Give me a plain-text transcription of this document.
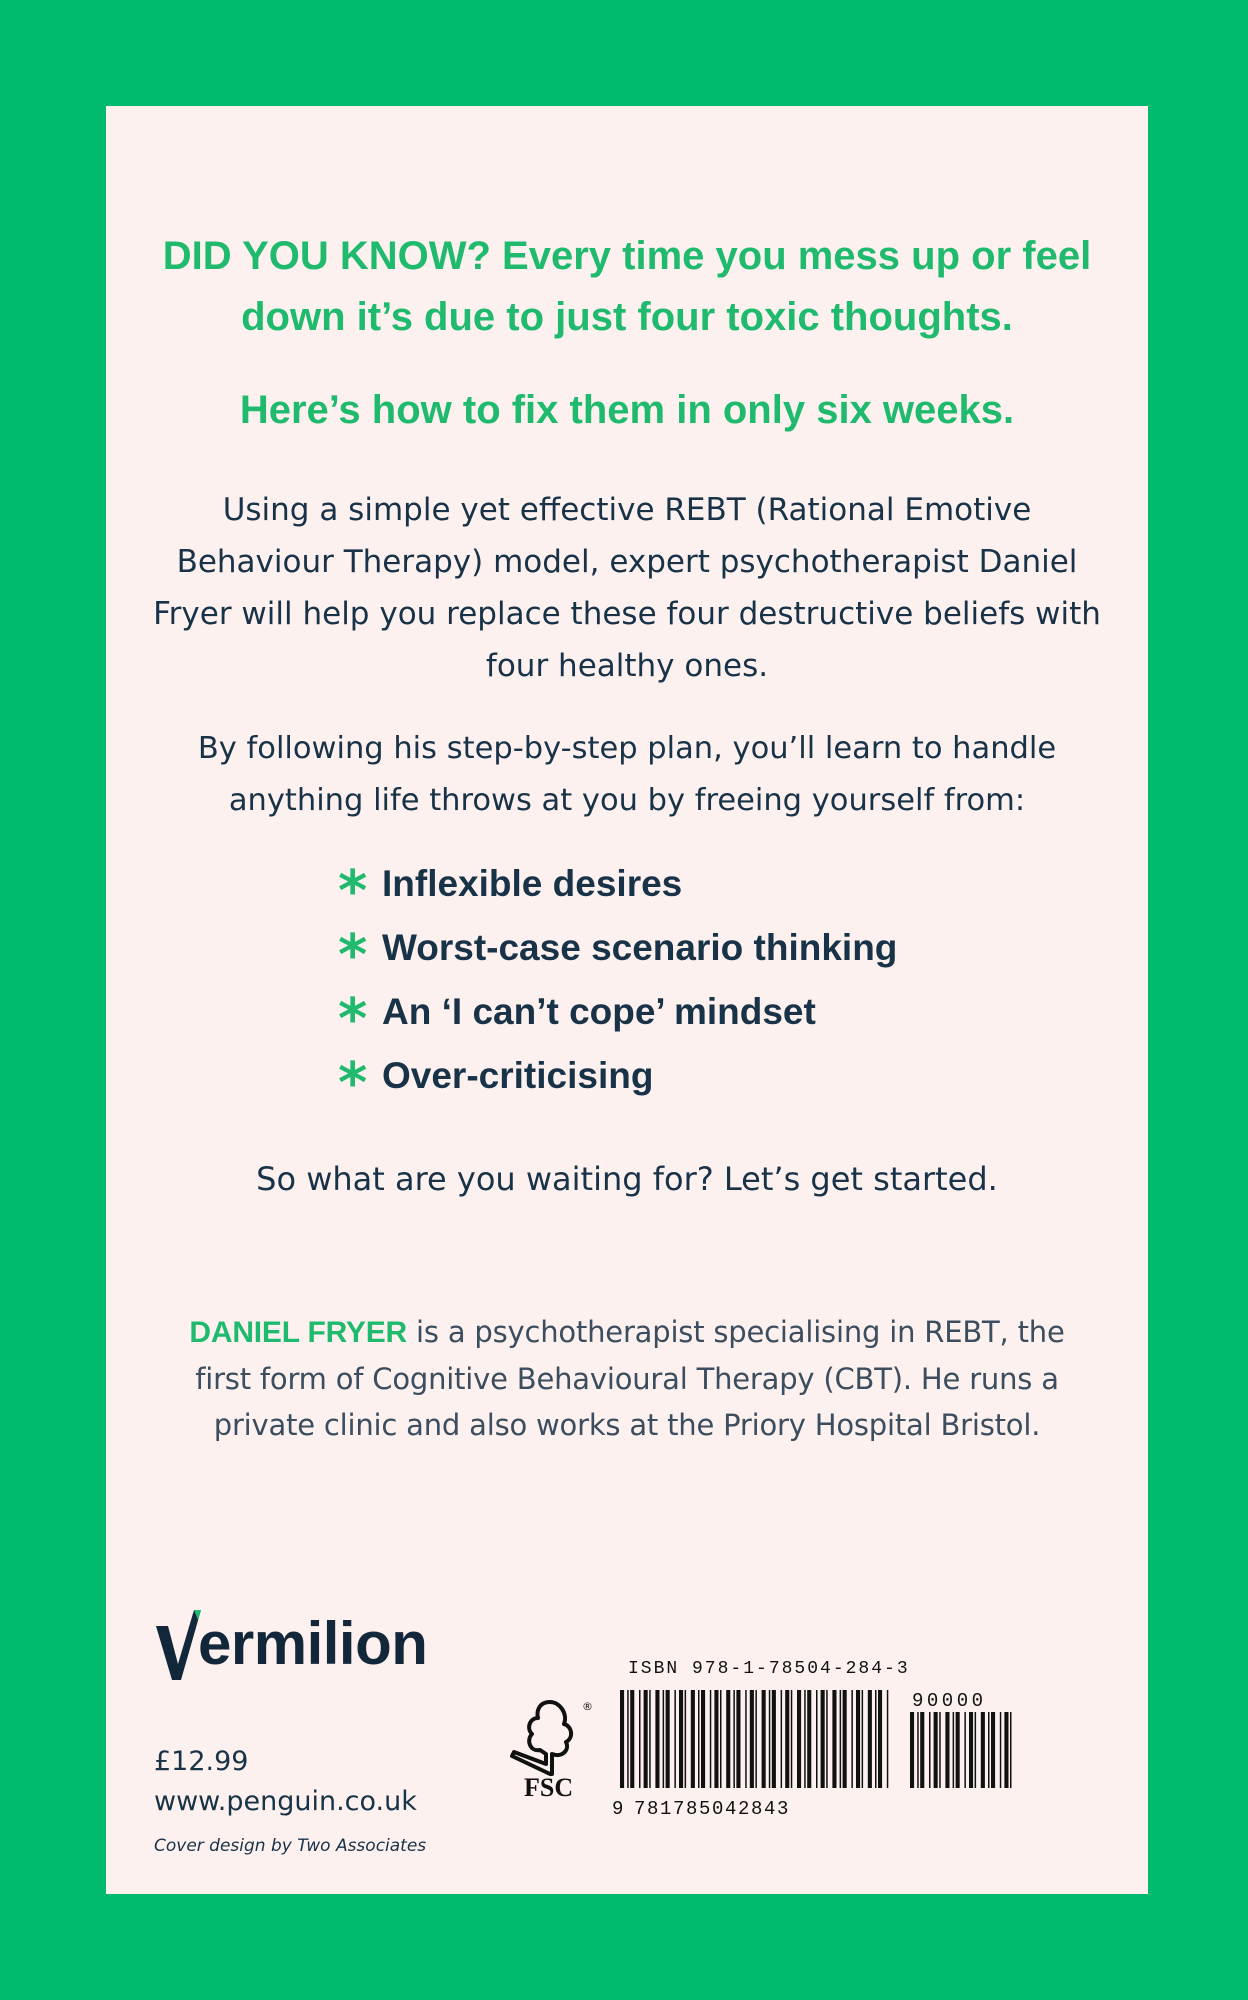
DID YOU KNOW? Every time you mess up or feel down it’s due to just four toxic thoughts.

Here’s how to fix them in only six weeks.

Using a simple yet effective REBT (Rational Emotive Behaviour Therapy) model, expert psychotherapist Daniel Fryer will help you replace these four destructive beliefs with four healthy ones.

By following his step-by-step plan, you’ll learn to handle anything life throws at you by freeing yourself from:

* Inflexible desires
* Worst-case scenario thinking
* An ‘I can’t cope’ mindset
* Over-criticising

So what are you waiting for? Let’s get started.

DANIEL FRYER is a psychotherapist specialising in REBT, the first form of Cognitive Behavioural Therapy (CBT). He runs a private clinic and also works at the Priory Hospital Bristol.

ermilion
£12.99
www.penguin.co.uk
Cover design by Two Associates
FSC
®
ISBN 978-1-78504-284-3
9 781785042843
90000
